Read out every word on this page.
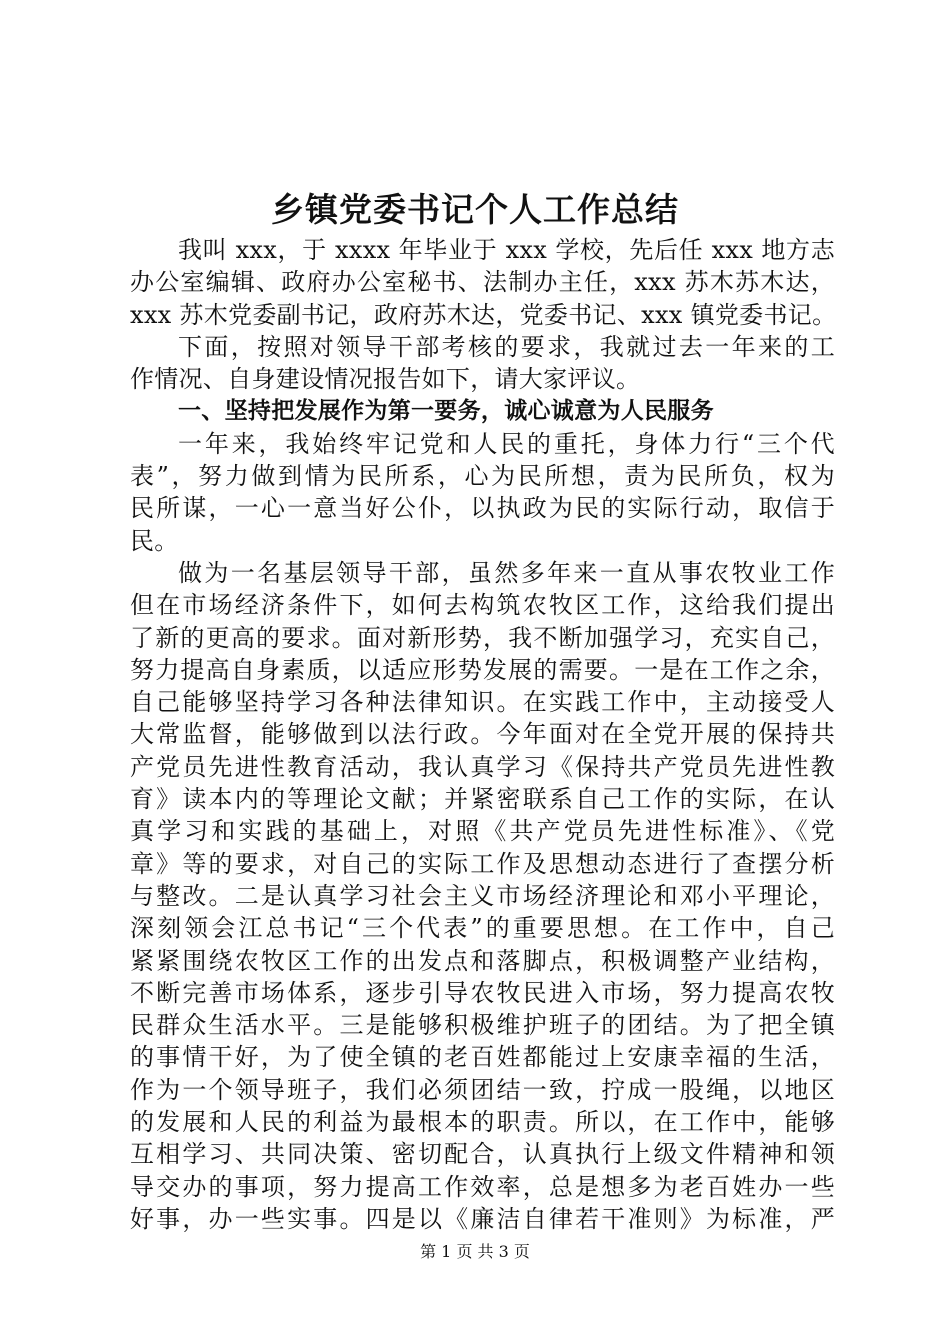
乡镇党委书记个人工作总结
我叫 xxx，于 xxxx 年毕业于 xxx 学校，先后任 xxx 地方志
办公室编辑、政府办公室秘书、法制办主任，xxx 苏木苏木达，
xxx 苏木党委副书记，政府苏木达，党委书记、xxx 镇党委书记。
下面，按照对领导干部考核的要求，我就过去一年来的工
作情况、自身建设情况报告如下，请大家评议。
一、坚持把发展作为第一要务，诚心诚意为人民服务
一年来，我始终牢记党和人民的重托，身体力行“三个代
表”，努力做到情为民所系，心为民所想，责为民所负，权为
民所谋，一心一意当好公仆，以执政为民的实际行动，取信于
民。
做为一名基层领导干部，虽然多年来一直从事农牧业工作
但在市场经济条件下，如何去构筑农牧区工作，这给我们提出
了新的更高的要求。面对新形势，我不断加强学习，充实自己，
努力提高自身素质，以适应形势发展的需要。一是在工作之余，
自己能够坚持学习各种法律知识。在实践工作中，主动接受人
大常监督，能够做到以法行政。今年面对在全党开展的保持共
产党员先进性教育活动，我认真学习《保持共产党员先进性教
育》读本内的等理论文献；并紧密联系自己工作的实际，在认
真学习和实践的基础上，对照《共产党员先进性标准》、《党
章》等的要求，对自己的实际工作及思想动态进行了查摆分析
与整改。二是认真学习社会主义市场经济理论和邓小平理论，
深刻领会江总书记“三个代表”的重要思想。在工作中，自己
紧紧围绕农牧区工作的出发点和落脚点，积极调整产业结构，
不断完善市场体系，逐步引导农牧民进入市场，努力提高农牧
民群众生活水平。三是能够积极维护班子的团结。为了把全镇
的事情干好，为了使全镇的老百姓都能过上安康幸福的生活，
作为一个领导班子，我们必须团结一致，拧成一股绳，以地区
的发展和人民的利益为最根本的职责。所以，在工作中，能够
互相学习、共同决策、密切配合，认真执行上级文件精神和领
导交办的事项，努力提高工作效率，总是想多为老百姓办一些
好事，办一些实事。四是以《廉洁自律若干准则》为标准，严
第 1 页 共 3 页
